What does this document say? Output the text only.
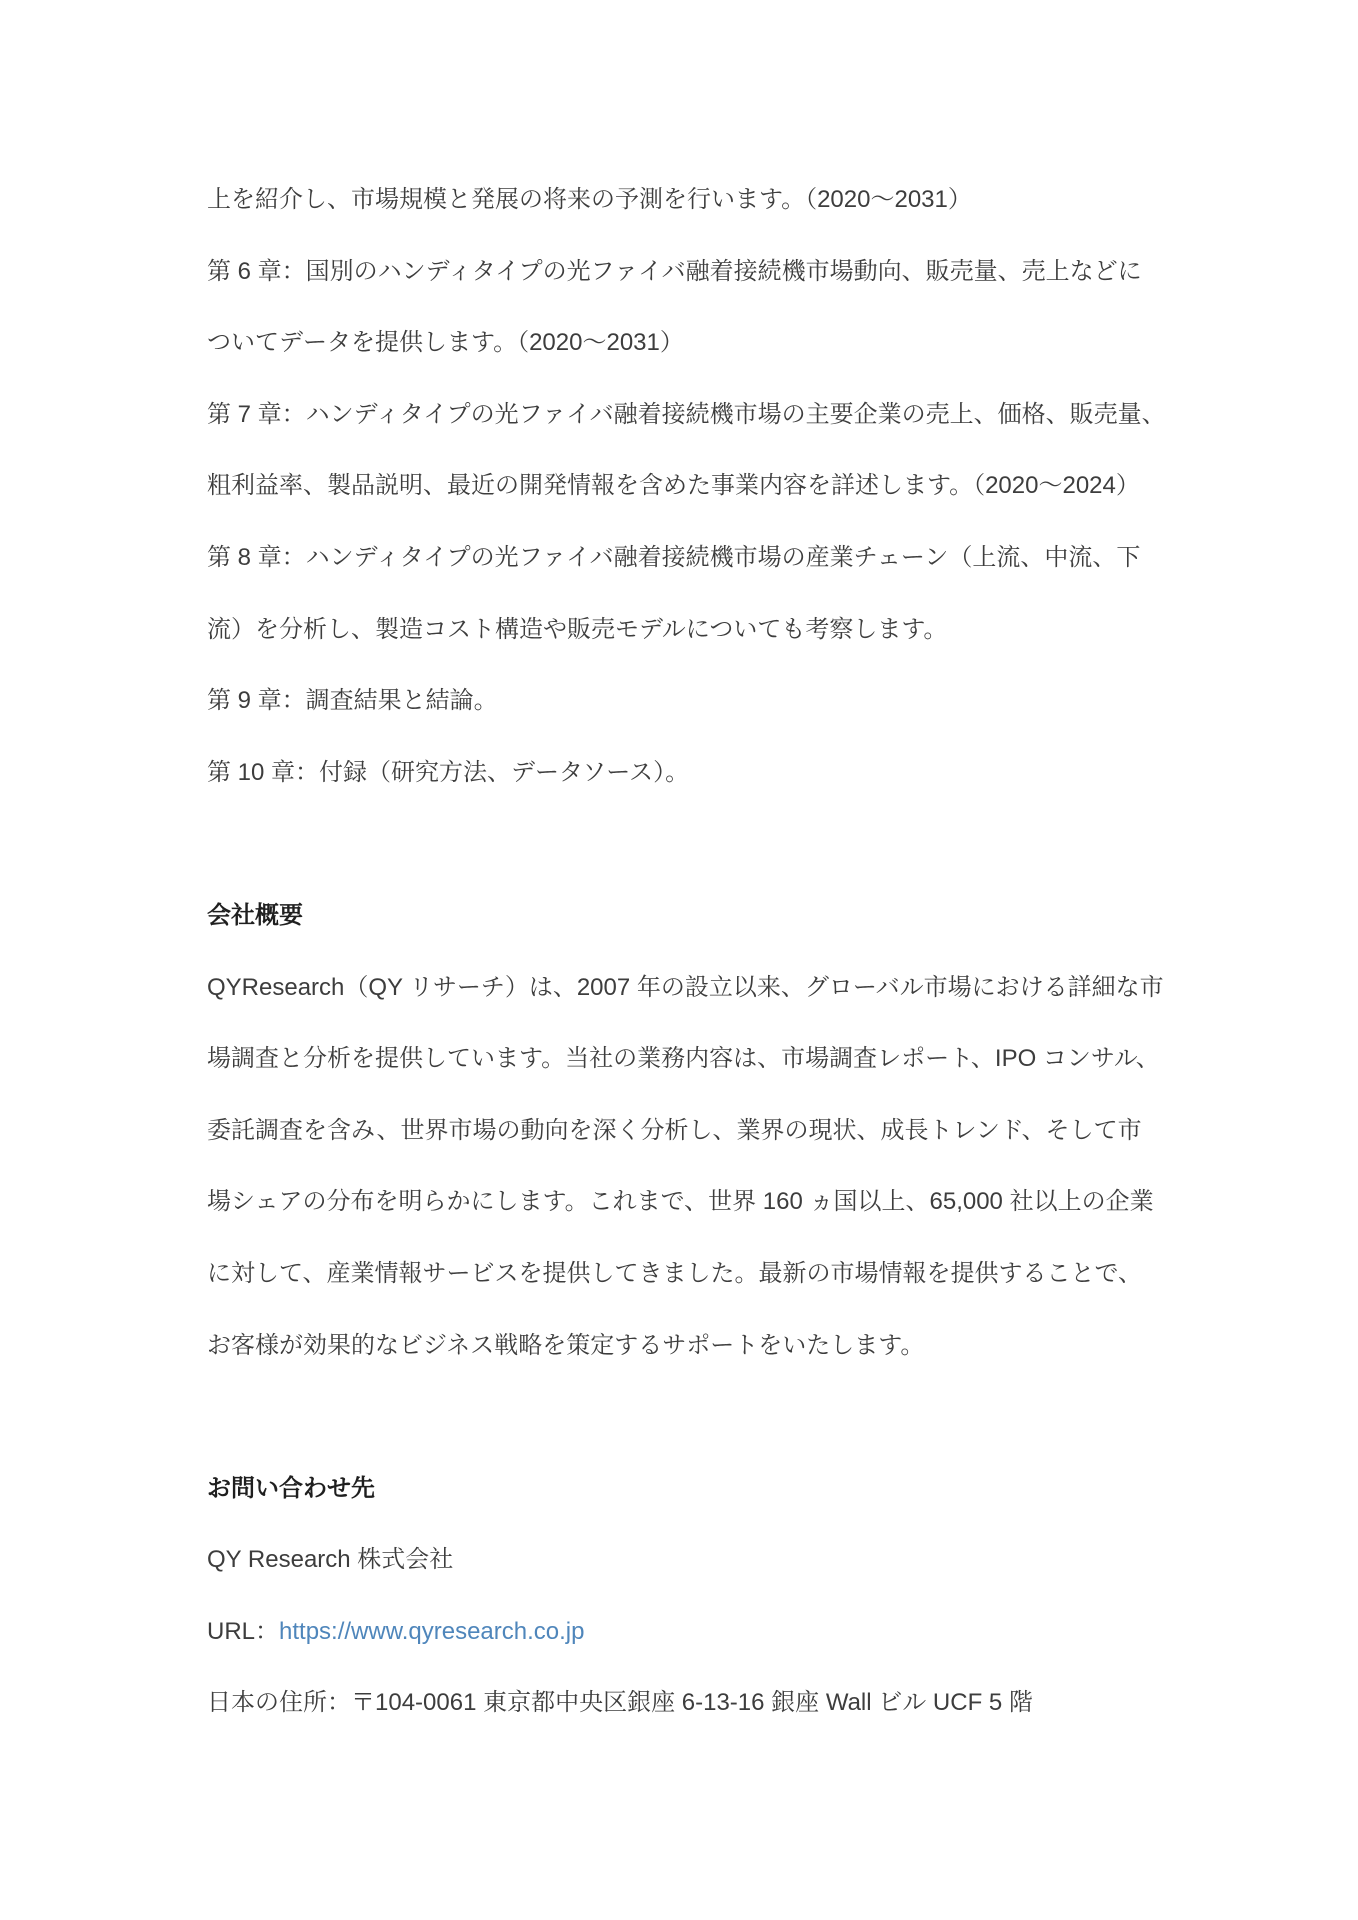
上を紹介し、市場規模と発展の将来の予測を行います。（2020～2031）
第 6 章：国別のハンディタイプの光ファイバ融着接続機市場動向、販売量、売上などに
ついてデータを提供します。（2020～2031）
第 7 章：ハンディタイプの光ファイバ融着接続機市場の主要企業の売上、価格、販売量、
粗利益率、製品説明、最近の開発情報を含めた事業内容を詳述します。（2020～2024）
第 8 章：ハンディタイプの光ファイバ融着接続機市場の産業チェーン（上流、中流、下
流）を分析し、製造コスト構造や販売モデルについても考察します。
第 9 章：調査結果と結論。
第 10 章：付録（研究方法、データソース）。
会社概要
QYResearch（QY リサーチ）は、2007 年の設立以来、グローバル市場における詳細な市
場調査と分析を提供しています。当社の業務内容は、市場調査レポート、IPO コンサル、
委託調査を含み、世界市場の動向を深く分析し、業界の現状、成長トレンド、そして市
場シェアの分布を明らかにします。これまで、世界 160 ヵ国以上、65,000 社以上の企業
に対して、産業情報サービスを提供してきました。最新の市場情報を提供することで、
お客様が効果的なビジネス戦略を策定するサポートをいたします。
お問い合わせ先
QY Research 株式会社
URL：https://www.qyresearch.co.jp
日本の住所：〒104-0061 東京都中央区銀座 6-13-16 銀座 Wall ビル UCF 5 階
